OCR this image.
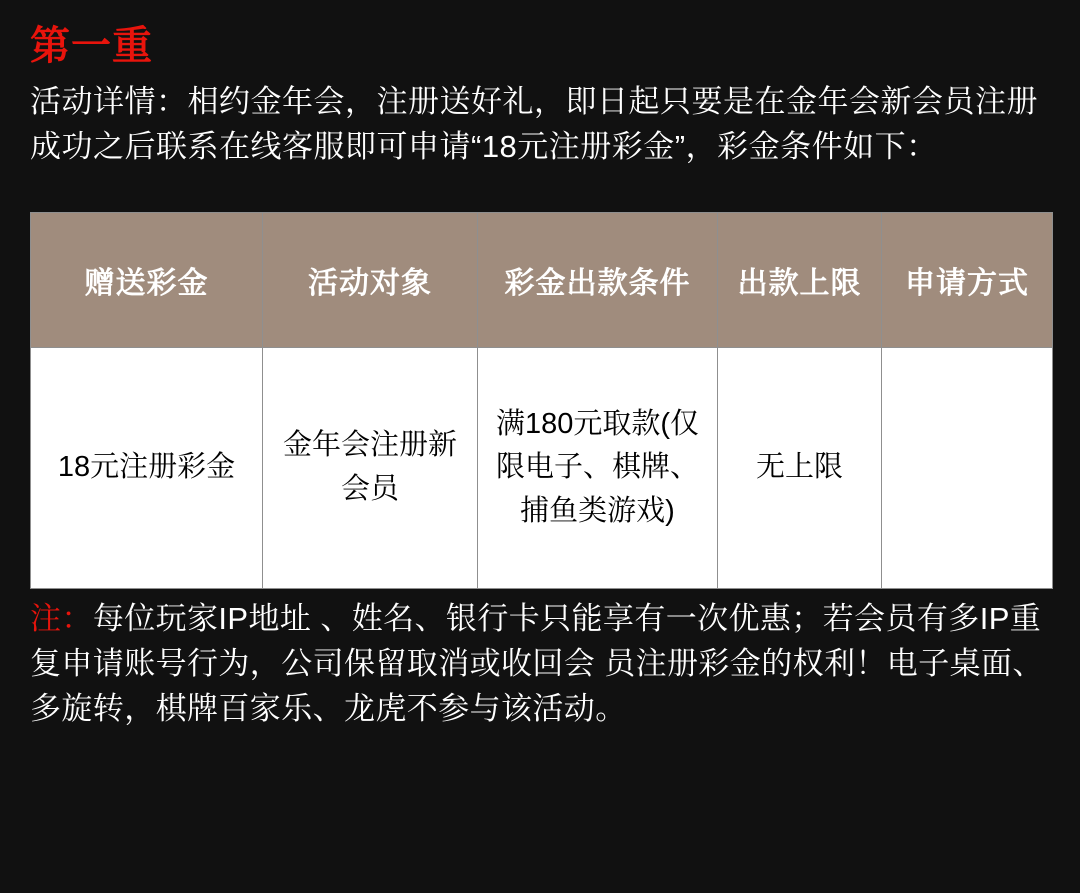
第一重

活动详情：相约金年会，注册送好礼，即日起只要是在金年会新会员注册成功之后联系在线客服即可申请“18元注册彩金”，彩金条件如下：

赠送彩金	活动对象	彩金出款条件	出款上限	申请方式
18元注册彩金	金年会注册新会员	满180元取款(仅限电子、棋牌、捕鱼类游戏)	无上限	

注：每位玩家IP地址 、姓名、银行卡只能享有一次优惠；若会员有多IP重复申请账号行为，公司保留取消或收回会 员注册彩金的权利！电子桌面、多旋转，棋牌百家乐、龙虎不参与该活动。
